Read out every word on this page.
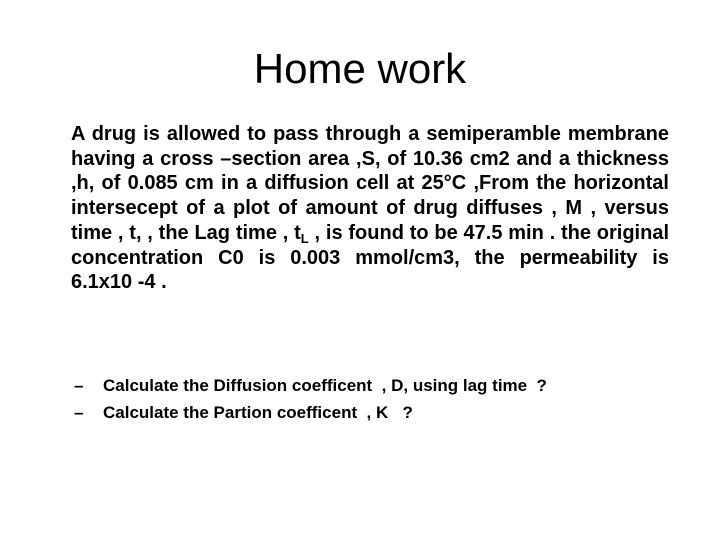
Home work

A drug is allowed to pass through a semiperamble membrane having a cross –section area ,S, of 10.36 cm2 and a thickness ,h, of 0.085 cm in a diffusion cell at 25°C ,From the horizontal intersecept of a plot of amount of drug diffuses , M , versus time , t, , the Lag time , $t_L$ , is found to be 47.5 min . the original concentration C0 is 0.003 mmol/cm3, the permeability is 6.1x10 -4 .

–	Calculate the Diffusion coefficent  , D, using lag time  ?
–	Calculate the Partion coefficent  , K   ?
